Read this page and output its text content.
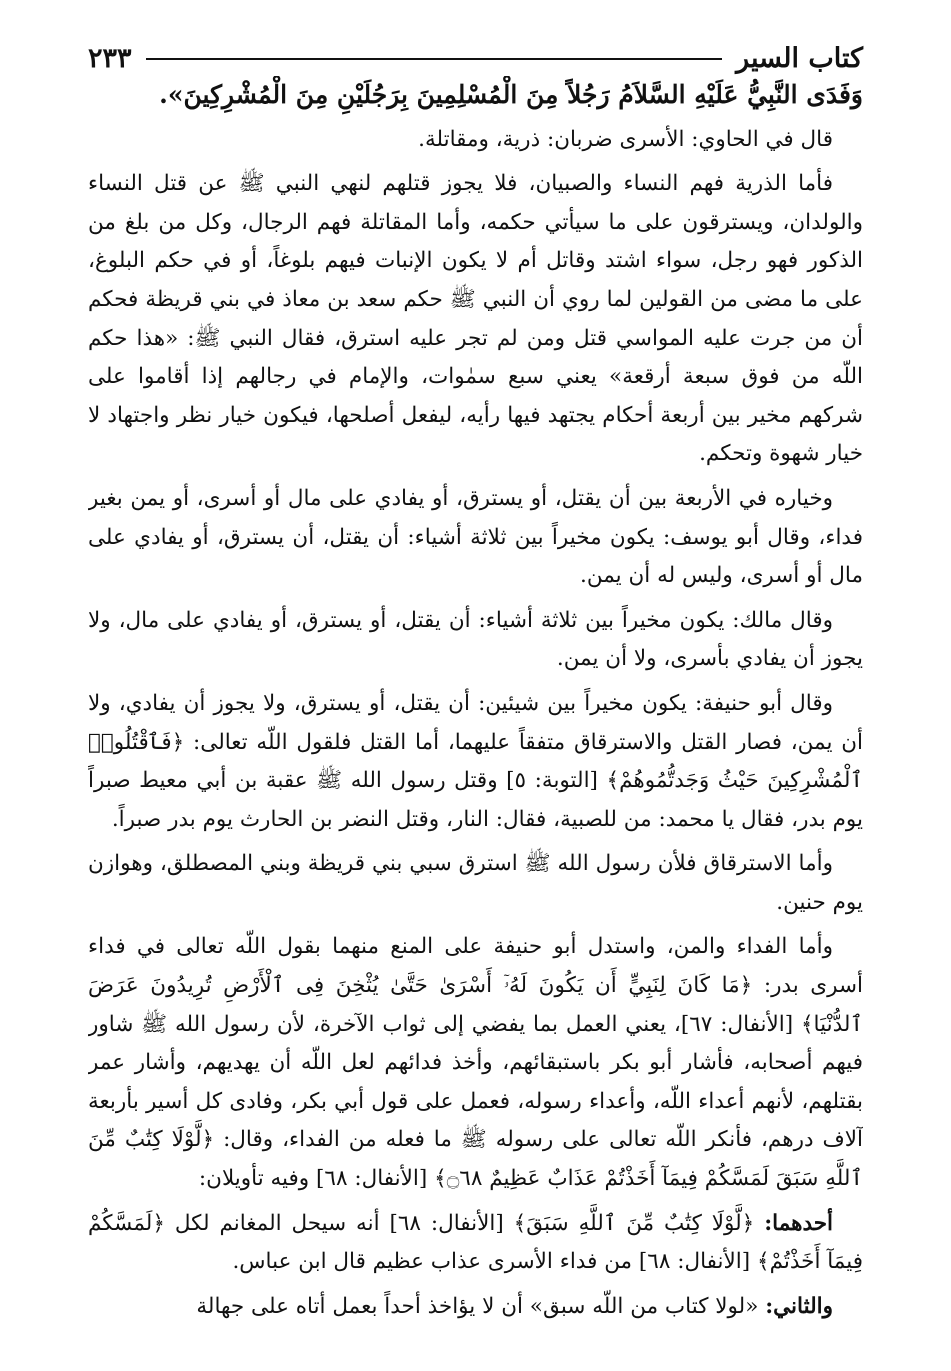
كتاب السير
٢٣٣

وَفَدَى النَّبِيُّ عَلَيْهِ السَّلاَمُ رَجُلاً مِنَ الْمُسْلِمِينَ بِرَجُلَيْنِ مِنَ الْمُشْرِكِينَ».

قال في الحاوي: الأسرى ضربان: ذرية، ومقاتلة.

فأما الذرية فهم النساء والصبيان، فلا يجوز قتلهم لنهي النبي ﷺ عن قتل النساء والولدان، ويسترقون على ما سيأتي حكمه، وأما المقاتلة فهم الرجال، وكل من بلغ من الذكور فهو رجل، سواء اشتد وقاتل أم لا يكون الإنبات فيهم بلوغاً، أو في حكم البلوغ، على ما مضى من القولين لما روي أن النبي ﷺ حكم سعد بن معاذ في بني قريظة فحكم أن من جرت عليه المواسي قتل ومن لم تجر عليه استرق، فقال النبي ﷺ: «هذا حكم اللّه من فوق سبعة أرقعة» يعني سبع سمٰوات، والإمام في رجالهم إذا أقاموا على شركهم مخير بين أربعة أحكام يجتهد فيها رأيه، ليفعل أصلحها، فيكون خيار نظر واجتهاد لا خيار شهوة وتحكم.

وخياره في الأربعة بين أن يقتل، أو يسترق، أو يفادي على مال أو أسرى، أو يمن بغير فداء، وقال أبو يوسف: يكون مخيراً بين ثلاثة أشياء: أن يقتل، أن يسترق، أو يفادي على مال أو أسرى، وليس له أن يمن.

وقال مالك: يكون مخيراً بين ثلاثة أشياء: أن يقتل، أو يسترق، أو يفادي على مال، ولا يجوز أن يفادي بأسرى، ولا أن يمن.

وقال أبو حنيفة: يكون مخيراً بين شيئين: أن يقتل، أو يسترق، ولا يجوز أن يفادي، ولا أن يمن، فصار القتل والاسترقاق متفقاً عليهما، أما القتل فلقول اللّه تعالى: ﴿فَٱقْتُلُوا۟ ٱلْمُشْرِكِينَ حَيْثُ وَجَدتُّمُوهُمْ﴾ [التوبة: ٥] وقتل رسول الله ﷺ عقبة بن أبي معيط صبراً يوم بدر، فقال يا محمد: من للصبية، فقال: النار، وقتل النضر بن الحارث يوم بدر صبراً.

وأما الاسترقاق فلأن رسول الله ﷺ استرق سبي بني قريظة وبني المصطلق، وهوازن يوم حنين.

وأما الفداء والمن، واستدل أبو حنيفة على المنع منهما بقول اللّه تعالى في فداء أسرى بدر: ﴿مَا كَانَ لِنَبِيٍّ أَن يَكُونَ لَهُۥٓ أَسْرَىٰ حَتَّىٰ يُثْخِنَ فِى ٱلْأَرْضِ تُرِيدُونَ عَرَضَ ٱلدُّنْيَا﴾ [الأنفال: ٦٧]، يعني العمل بما يفضي إلى ثواب الآخرة، لأن رسول الله ﷺ شاور فيهم أصحابه، فأشار أبو بكر باستبقائهم، وأخذ فدائهم لعل اللّه أن يهديهم، وأشار عمر بقتلهم، لأنهم أعداء اللّه، وأعداء رسوله، فعمل على قول أبي بكر، وفادى كل أسير بأربعة آلاف درهم، فأنكر اللّه تعالى على رسوله ﷺ ما فعله من الفداء، وقال: ﴿لَّوْلَا كِتَٰبٌ مِّنَ ٱللَّهِ سَبَقَ لَمَسَّكُمْ فِيمَآ أَخَذْتُمْ عَذَابٌ عَظِيمٌ ۝٦٨﴾ [الأنفال: ٦٨] وفيه تأويلان:

أحدهما: ﴿لَّوْلَا كِتَٰبٌ مِّنَ ٱللَّهِ سَبَقَ﴾ [الأنفال: ٦٨] أنه سيحل المغانم لكل ﴿لَمَسَّكُمْ فِيمَآ أَخَذْتُمْ﴾ [الأنفال: ٦٨] من فداء الأسرى عذاب عظيم قال ابن عباس.

والثاني: «لولا كتاب من اللّه سبق» أن لا يؤاخذ أحداً بعمل أتاه على جهالة
